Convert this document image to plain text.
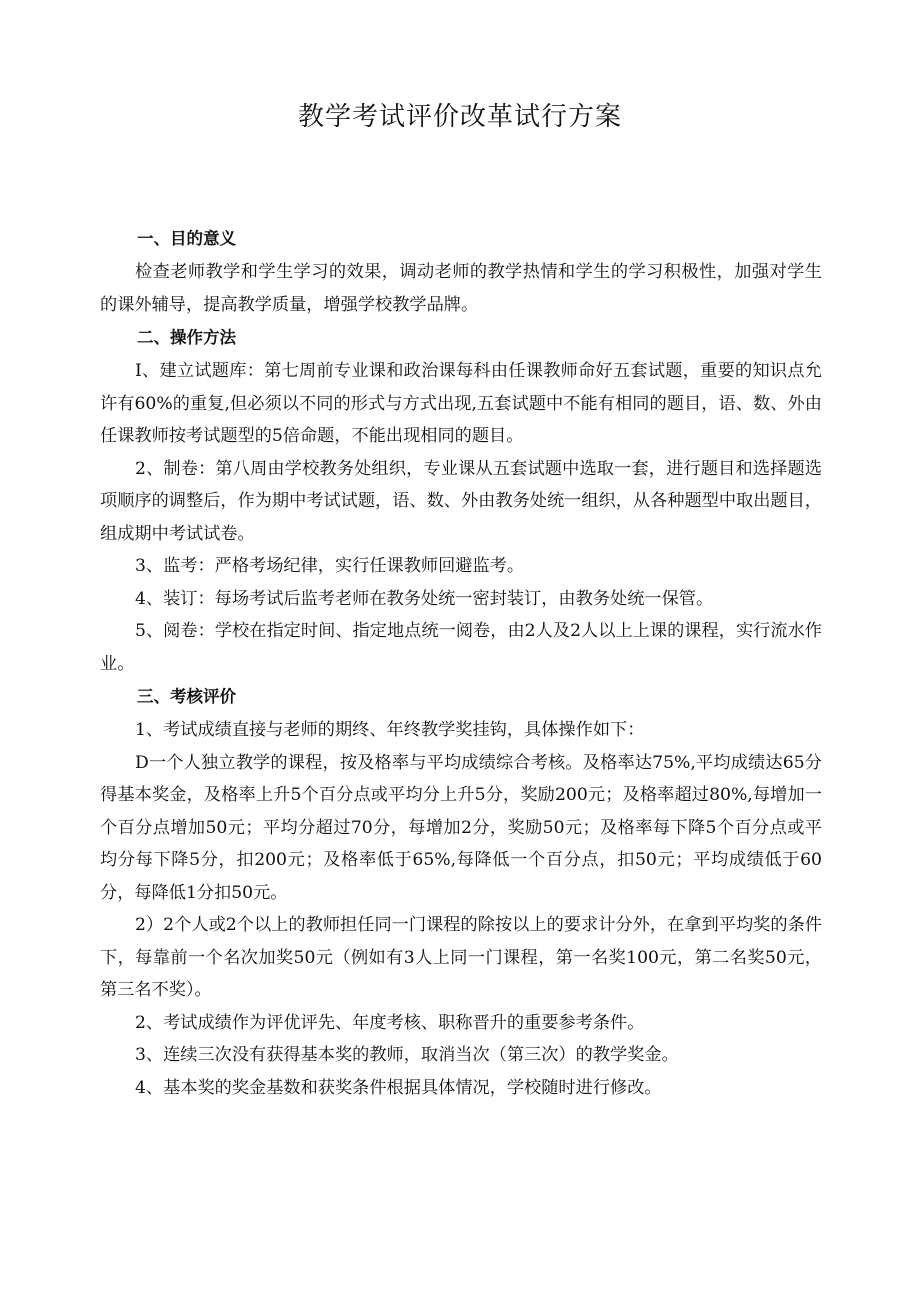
教学考试评价改革试行方案

一、目的意义

检查老师教学和学生学习的效果，调动老师的教学热情和学生的学习积极性，加强对学生的课外辅导，提高教学质量，增强学校教学品牌。

二、操作方法

I、建立试题库：第七周前专业课和政治课每科由任课教师命好五套试题，重要的知识点允许有60%的重复,但必须以不同的形式与方式出现,五套试题中不能有相同的题目，语、数、外由任课教师按考试题型的5倍命题，不能出现相同的题目。

2、制卷：第八周由学校教务处组织，专业课从五套试题中选取一套，进行题目和选择题选项顺序的调整后，作为期中考试试题，语、数、外由教务处统一组织，从各种题型中取出题目，组成期中考试试卷。

3、监考：严格考场纪律，实行任课教师回避监考。

4、装订：每场考试后监考老师在教务处统一密封装订，由教务处统一保管。

5、阅卷：学校在指定时间、指定地点统一阅卷，由2人及2人以上上课的课程，实行流水作业。

三、考核评价

1、考试成绩直接与老师的期终、年终教学奖挂钩，具体操作如下：

D一个人独立教学的课程，按及格率与平均成绩综合考核。及格率达75%,平均成绩达65分得基本奖金，及格率上升5个百分点或平均分上升5分，奖励200元；及格率超过80%,每增加一个百分点增加50元；平均分超过70分，每增加2分，奖励50元；及格率每下降5个百分点或平均分每下降5分，扣200元；及格率低于65%,每降低一个百分点，扣50元；平均成绩低于60分，每降低1分扣50元。

2）2个人或2个以上的教师担任同一门课程的除按以上的要求计分外，在拿到平均奖的条件下，每靠前一个名次加奖50元（例如有3人上同一门课程，第一名奖100元，第二名奖50元，第三名不奖）。

2、考试成绩作为评优评先、年度考核、职称晋升的重要参考条件。

3、连续三次没有获得基本奖的教师，取消当次（第三次）的教学奖金。

4、基本奖的奖金基数和获奖条件根据具体情况，学校随时进行修改。
